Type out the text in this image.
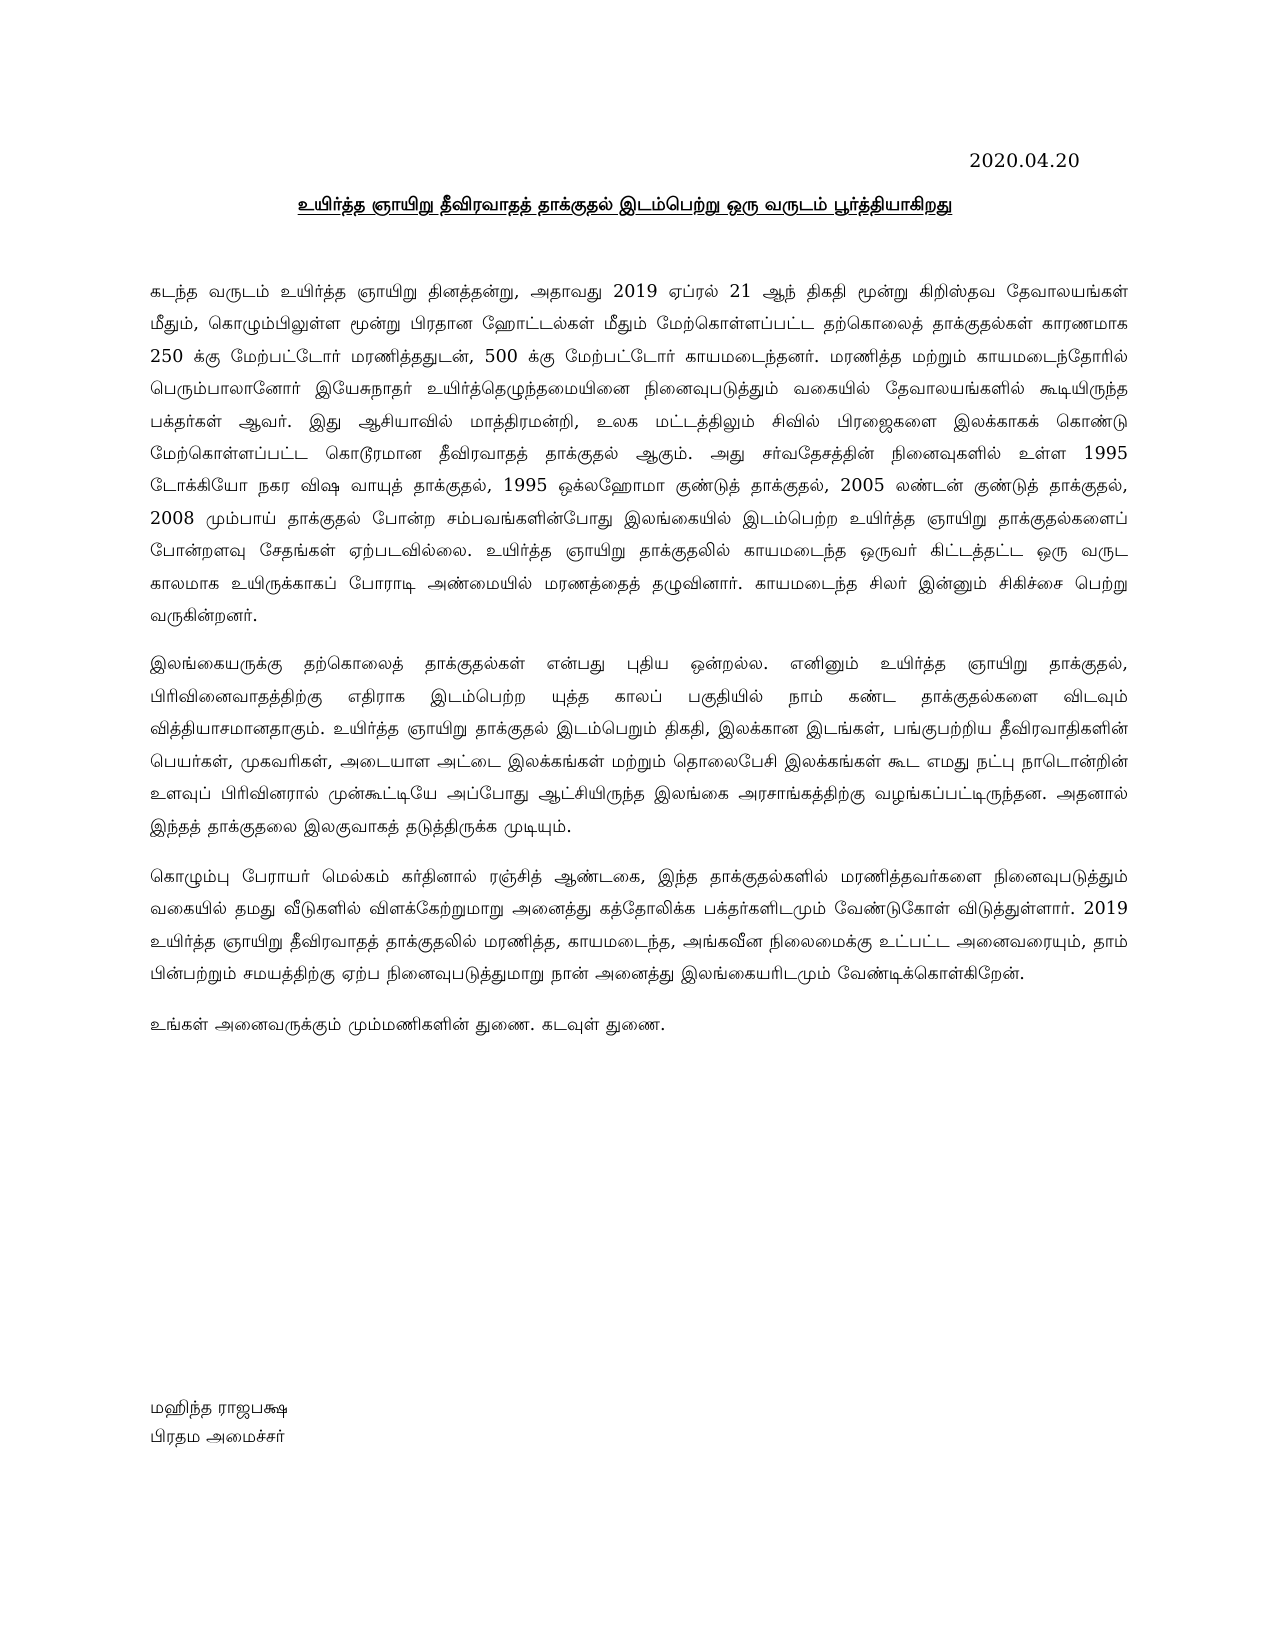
2020.04.20
உயிர்த்த ஞாயிறு தீவிரவாதத் தாக்குதல் இடம்பெற்று ஒரு வருடம் பூர்த்தியாகிறது

கடந்த வருடம் உயிர்த்த ஞாயிறு தினத்தன்று, அதாவது 2019 ஏப்ரல் 21 ஆந் திகதி மூன்று கிறிஸ்தவ தேவாலயங்கள் மீதும், கொழும்பிலுள்ள மூன்று பிரதான ஹோட்டல்கள் மீதும் மேற்கொள்ளப்பட்ட தற்கொலைத் தாக்குதல்கள் காரணமாக 250 க்கு மேற்பட்டோர் மரணித்ததுடன், 500 க்கு மேற்பட்டோர் காயமடைந்தனர். மரணித்த மற்றும் காயமடைந்தோரில் பெரும்பாலானோர் இயேசுநாதர் உயிர்த்தெழுந்தமையினை நினைவுபடுத்தும் வகையில் தேவாலயங்களில் கூடியிருந்த பக்தர்கள் ஆவர். இது ஆசியாவில் மாத்திரமன்றி, உலக மட்டத்திலும் சிவில் பிரஜைகளை இலக்காகக் கொண்டு மேற்கொள்ளப்பட்ட கொடூரமான தீவிரவாதத் தாக்குதல் ஆகும். அது சர்வதேசத்தின் நினைவுகளில் உள்ள 1995 டோக்கியோ நகர விஷ வாயுத் தாக்குதல், 1995 ஒக்லஹோமா குண்டுத் தாக்குதல், 2005 லண்டன் குண்டுத் தாக்குதல், 2008 மும்பாய் தாக்குதல் போன்ற சம்பவங்களின்போது இலங்கையில் இடம்பெற்ற உயிர்த்த ஞாயிறு தாக்குதல்களைப் போன்றளவு சேதங்கள் ஏற்படவில்லை. உயிர்த்த ஞாயிறு தாக்குதலில் காயமடைந்த ஒருவர் கிட்டத்தட்ட ஒரு வருட காலமாக உயிருக்காகப் போராடி அண்மையில் மரணத்தைத் தழுவினார். காயமடைந்த சிலர் இன்னும் சிகிச்சை பெற்று வருகின்றனர்.

இலங்கையருக்கு தற்கொலைத் தாக்குதல்கள் என்பது புதிய ஒன்றல்ல. எனினும் உயிர்த்த ஞாயிறு தாக்குதல், பிரிவினைவாதத்திற்கு எதிராக இடம்பெற்ற யுத்த காலப் பகுதியில் நாம் கண்ட தாக்குதல்களை விடவும் வித்தியாசமானதாகும். உயிர்த்த ஞாயிறு தாக்குதல் இடம்பெறும் திகதி, இலக்கான இடங்கள், பங்குபற்றிய தீவிரவாதிகளின் பெயர்கள், முகவரிகள், அடையாள அட்டை இலக்கங்கள் மற்றும் தொலைபேசி இலக்கங்கள் கூட எமது நட்பு நாடொன்றின் உளவுப் பிரிவினரால் முன்கூட்டியே அப்போது ஆட்சியிருந்த இலங்கை அரசாங்கத்திற்கு வழங்கப்பட்டிருந்தன. அதனால் இந்தத் தாக்குதலை இலகுவாகத் தடுத்திருக்க முடியும்.

கொழும்பு பேராயர் மெல்கம் கர்தினால் ரஞ்சித் ஆண்டகை, இந்த தாக்குதல்களில் மரணித்தவர்களை நினைவுபடுத்தும் வகையில் தமது வீடுகளில் விளக்கேற்றுமாறு அனைத்து கத்தோலிக்க பக்தர்களிடமும் வேண்டுகோள் விடுத்துள்ளார். 2019 உயிர்த்த ஞாயிறு தீவிரவாதத் தாக்குதலில் மரணித்த, காயமடைந்த, அங்கவீன நிலைமைக்கு உட்பட்ட அனைவரையும், தாம் பின்பற்றும் சமயத்திற்கு ஏற்ப நினைவுபடுத்துமாறு நான் அனைத்து இலங்கையரிடமும் வேண்டிக்கொள்கிறேன்.

உங்கள் அனைவருக்கும் மும்மணிகளின் துணை. கடவுள் துணை.

மஹிந்த ராஜபக்ஷ
பிரதம அமைச்சர்
